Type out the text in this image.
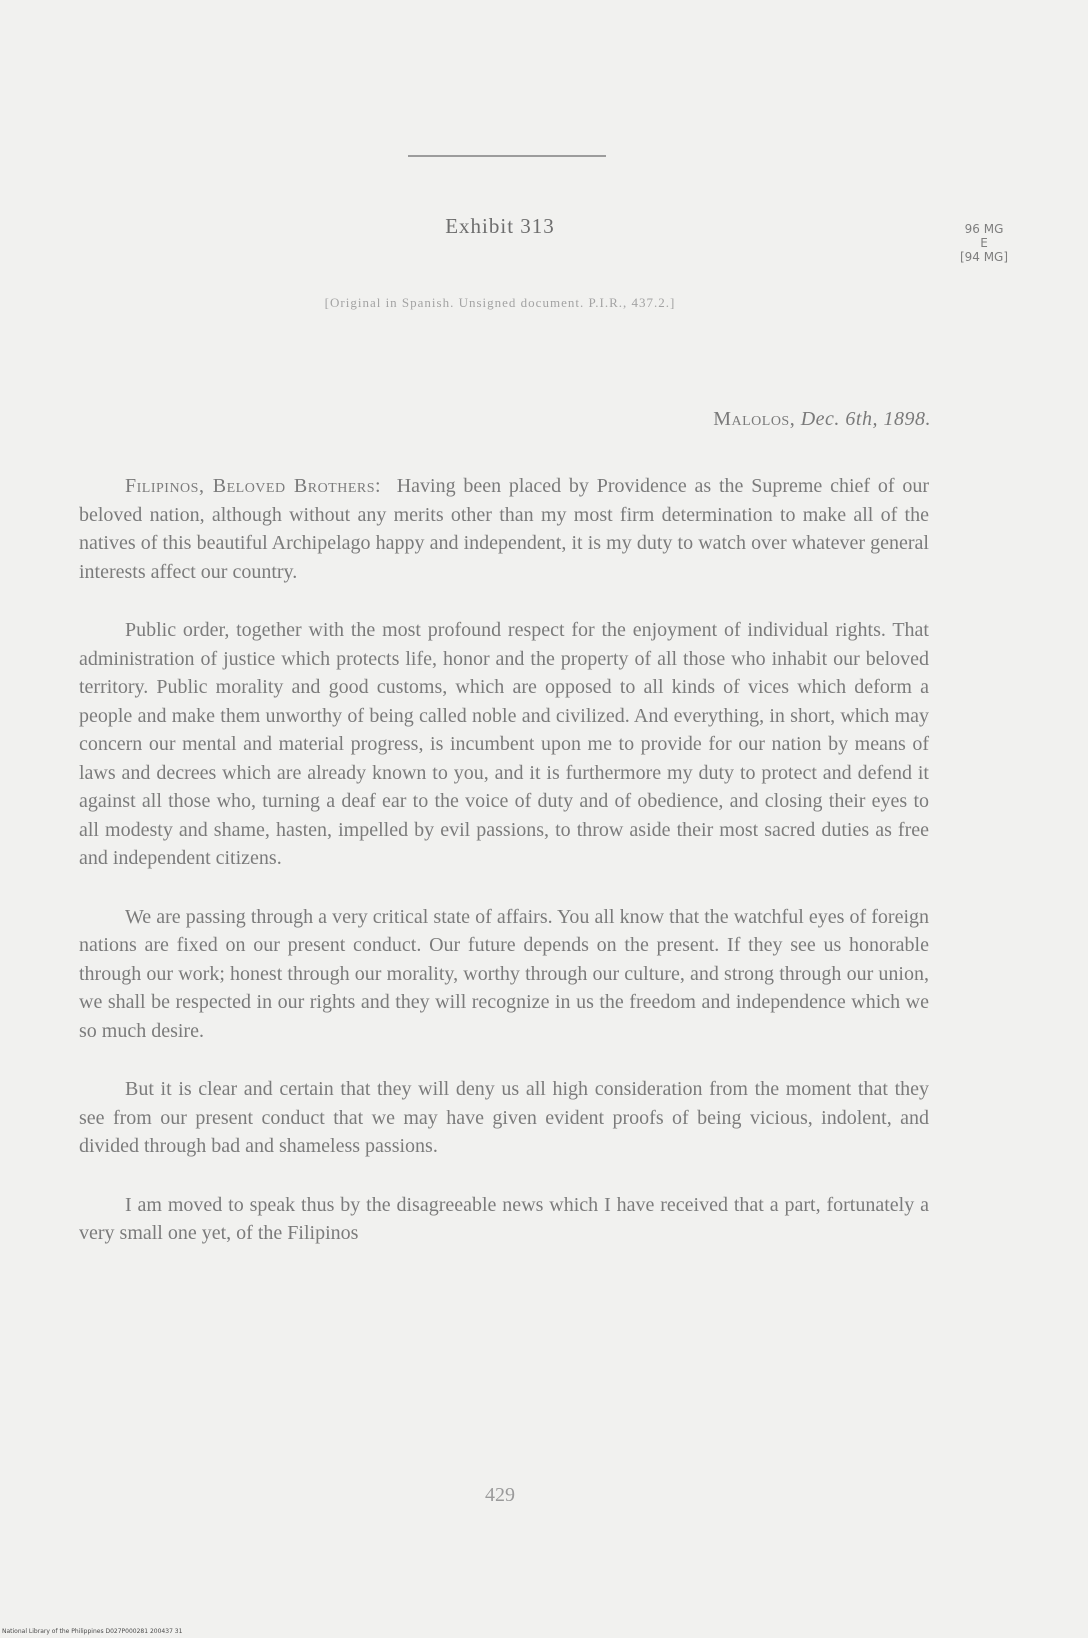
Exhibit 313	96 MG
E
[94 MG]
[Original in Spanish. Unsigned document. P.I.R., 437.2.]
Malolos, Dec. 6th, 1898.

Filipinos, Beloved Brothers: Having been placed by Providence as the Supreme chief of our beloved nation, although without any merits other than my most firm determination to make all of the natives of this beautiful Archipelago happy and independent, it is my duty to watch over whatever general interests affect our country.

Public order, together with the most profound respect for the enjoyment of individual rights. That administration of justice which protects life, honor and the property of all those who inhabit our beloved territory. Public morality and good customs, which are opposed to all kinds of vices which deform a people and make them unworthy of being called noble and civilized. And everything, in short, which may concern our mental and material progress, is incumbent upon me to provide for our nation by means of laws and decrees which are already known to you, and it is furthermore my duty to protect and defend it against all those who, turning a deaf ear to the voice of duty and of obedience, and closing their eyes to all modesty and shame, hasten, impelled by evil passions, to throw aside their most sacred duties as free and independent citizens.

We are passing through a very critical state of affairs. You all know that the watchful eyes of foreign nations are fixed on our present conduct. Our future depends on the present. If they see us honorable through our work; honest through our morality, worthy through our culture, and strong through our union, we shall be respected in our rights and they will recognize in us the freedom and independence which we so much desire.

But it is clear and certain that they will deny us all high consideration from the moment that they see from our present conduct that we may have given evident proofs of being vicious, indolent, and divided through bad and shameless passions.

I am moved to speak thus by the disagreeable news which I have received that a part, fortunately a very small one yet, of the Filipinos

429
National Library of the Philippines D027P000281 200437 31
